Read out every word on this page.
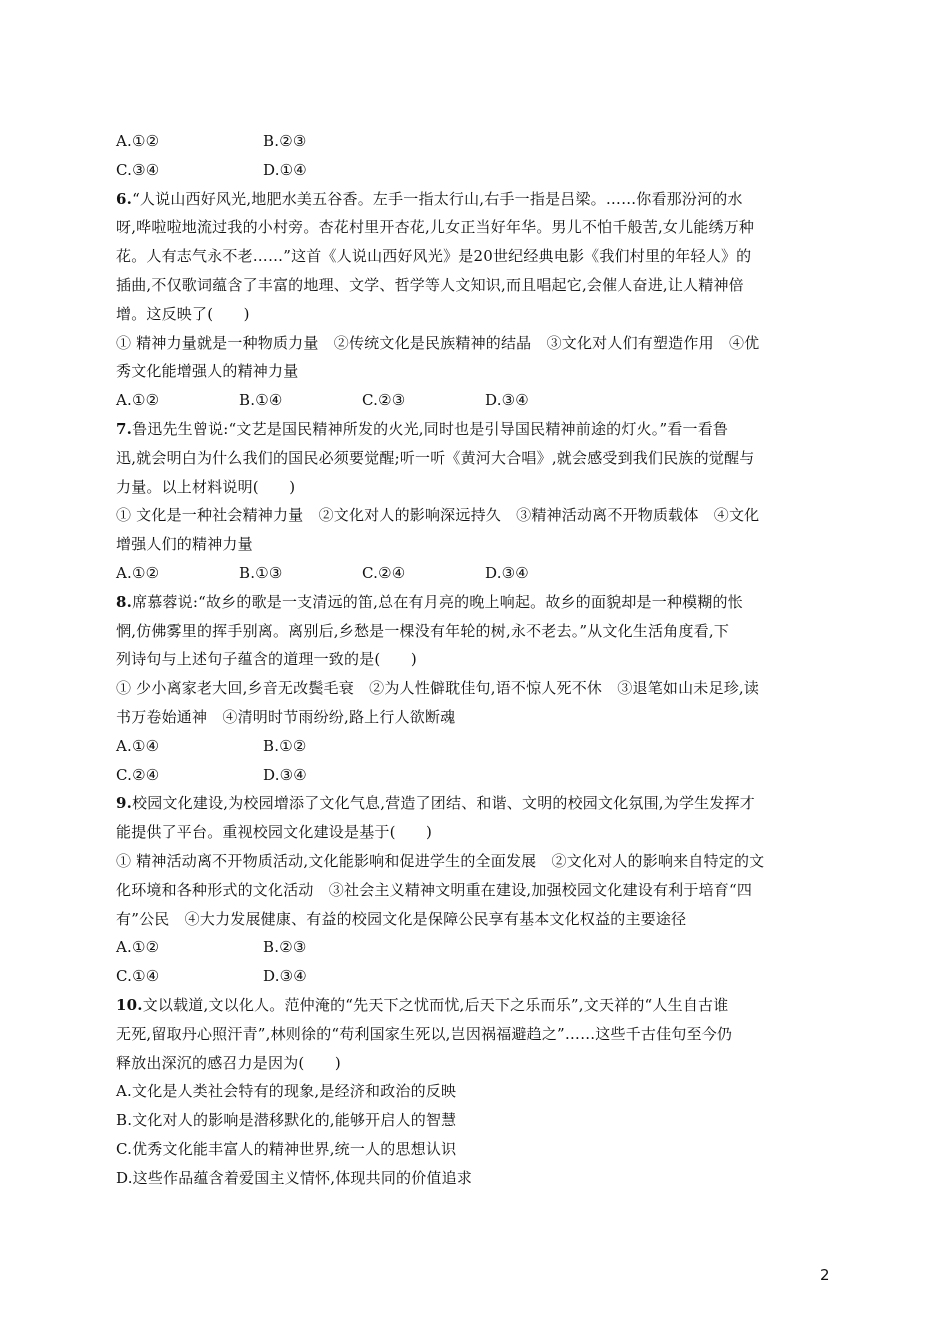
A.①②	B.②③
C.③④	D.①④
6.“人说山西好风光,地肥水美五谷香。左手一指太行山,右手一指是吕梁。……你看那汾河的水
呀,哗啦啦地流过我的小村旁。杏花村里开杏花,儿女正当好年华。男儿不怕千般苦,女儿能绣万种
花。人有志气永不老……”这首《人说山西好风光》是20世纪经典电影《我们村里的年轻人》的
插曲,不仅歌词蕴含了丰富的地理、文学、哲学等人文知识,而且唱起它,会催人奋进,让人精神倍
增。这反映了(　　)
① 精神力量就是一种物质力量　②传统文化是民族精神的结晶　③文化对人们有塑造作用　④优
秀文化能增强人的精神力量
A.①②	B.①④	C.②③	D.③④
7.鲁迅先生曾说:“文艺是国民精神所发的火光,同时也是引导国民精神前途的灯火。”看一看鲁
迅,就会明白为什么我们的国民必须要觉醒;听一听《黄河大合唱》,就会感受到我们民族的觉醒与
力量。以上材料说明(　　)
① 文化是一种社会精神力量　②文化对人的影响深远持久　③精神活动离不开物质载体　④文化
增强人们的精神力量
A.①②	B.①③	C.②④	D.③④
8.席慕蓉说:“故乡的歌是一支清远的笛,总在有月亮的晚上响起。故乡的面貌却是一种模糊的怅
惘,仿佛雾里的挥手别离。离别后,乡愁是一棵没有年轮的树,永不老去。”从文化生活角度看,下
列诗句与上述句子蕴含的道理一致的是(　　)
① 少小离家老大回,乡音无改鬓毛衰　②为人性僻耽佳句,语不惊人死不休　③退笔如山未足珍,读
书万卷始通神　④清明时节雨纷纷,路上行人欲断魂
A.①④	B.①②
C.②④	D.③④
9.校园文化建设,为校园增添了文化气息,营造了团结、和谐、文明的校园文化氛围,为学生发挥才
能提供了平台。重视校园文化建设是基于(　　)
① 精神活动离不开物质活动,文化能影响和促进学生的全面发展　②文化对人的影响来自特定的文
化环境和各种形式的文化活动　③社会主义精神文明重在建设,加强校园文化建设有利于培育“四
有”公民　④大力发展健康、有益的校园文化是保障公民享有基本文化权益的主要途径
A.①②	B.②③
C.①④	D.③④
10.文以载道,文以化人。范仲淹的“先天下之忧而忧,后天下之乐而乐”,文天祥的“人生自古谁
无死,留取丹心照汗青”,林则徐的“苟利国家生死以,岂因祸福避趋之”……这些千古佳句至今仍
释放出深沉的感召力是因为(　　)
A.文化是人类社会特有的现象,是经济和政治的反映
B.文化对人的影响是潜移默化的,能够开启人的智慧
C.优秀文化能丰富人的精神世界,统一人的思想认识
D.这些作品蕴含着爱国主义情怀,体现共同的价值追求
2
